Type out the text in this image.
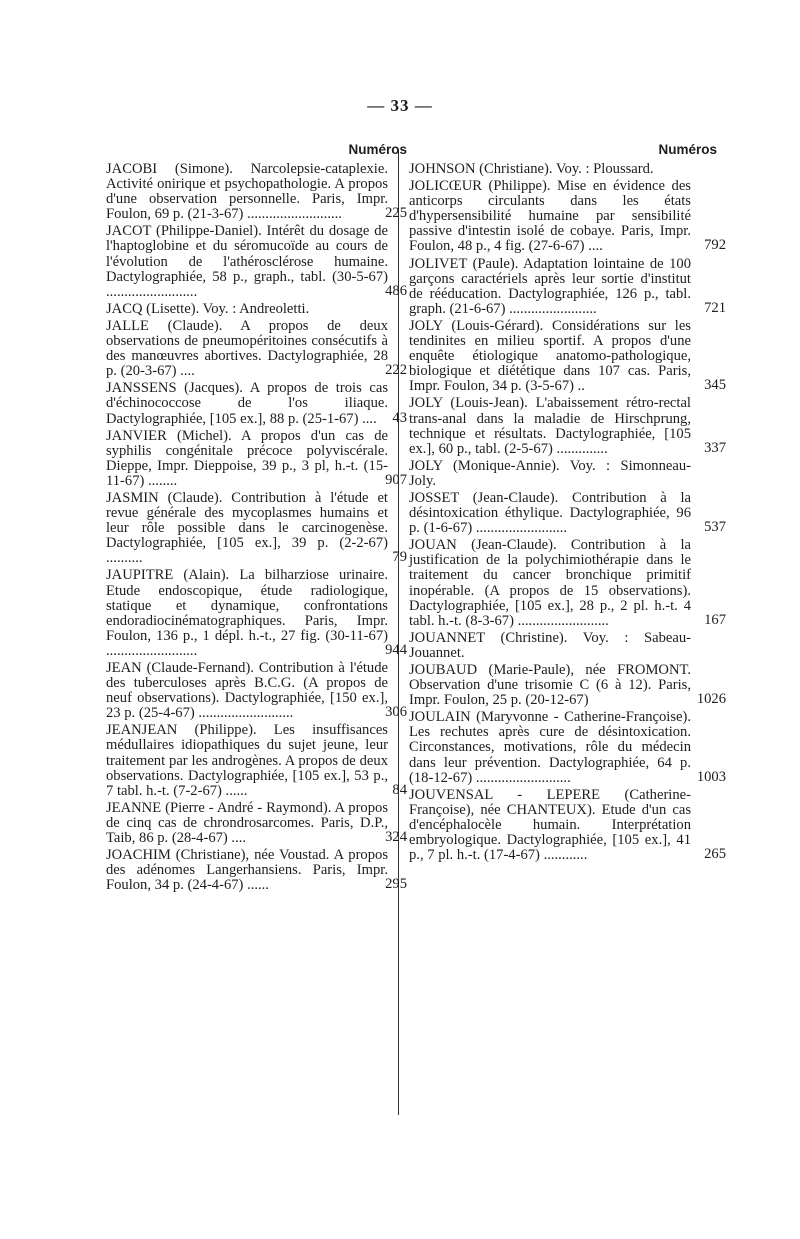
— 33 —
Numéros
JACOBI (Simone). Narcolepsie-cataplexie. Activité onirique et psychopathologie. A propos d'une observation personnelle. Paris, Impr. Foulon, 69 p. (21-3-67) ..........................	225
JACOT (Philippe-Daniel). Intérêt du dosage de l'haptoglobine et du séromucoïde au cours de l'évolution de l'athérosclérose humaine. Dactylographiée, 58 p., graph., tabl. (30-5-67) .........................	486
JACQ (Lisette). Voy. : Andreoletti.
JALLE (Claude). A propos de deux observations de pneumopéritoines consécutifs à des manœuvres abortives. Dactylographiée, 28 p. (20-3-67) ....	222
JANSSENS (Jacques). A propos de trois cas d'échinococcose de l'os iliaque. Dactylographiée, [105 ex.], 88 p. (25-1-67) ....	43
JANVIER (Michel). A propos d'un cas de syphilis congénitale précoce polyviscérale. Dieppe, Impr. Dieppoise, 39 p., 3 pl, h.-t. (15-11-67) ........	907
JASMIN (Claude). Contribution à l'étude et revue générale des mycoplasmes humains et leur rôle possible dans le carcinogenèse. Dactylographiée, [105 ex.], 39 p. (2-2-67) ..........	79
JAUPITRE (Alain). La bilharziose urinaire. Etude endoscopique, étude radiologique, statique et dynamique, confrontations endoradiocinématographiques. Paris, Impr. Foulon, 136 p., 1 dépl. h.-t., 27 fig. (30-11-67) .........................	944
JEAN (Claude-Fernand). Contribution à l'étude des tuberculoses après B.C.G. (A propos de neuf observations). Dactylographiée, [150 ex.], 23 p. (25-4-67) ..........................	306
JEANJEAN (Philippe). Les insuffisances médullaires idiopathiques du sujet jeune, leur traitement par les androgènes. A propos de deux observations. Dactylographiée, [105 ex.], 53 p., 7 tabl. h.-t. (7-2-67) ......	84
JEANNE (Pierre - André - Raymond). A propos de cinq cas de chrondrosarcomes. Paris, D.P., Taib, 86 p. (28-4-67) ....	324
JOACHIM (Christiane), née Voustad. A propos des adénomes Langerhansiens. Paris, Impr. Foulon, 34 p. (24-4-67) ......	295
Numéros
JOHNSON (Christiane). Voy. : Ploussard.
JOLICŒUR (Philippe). Mise en évidence des anticorps circulants dans les états d'hypersensibilité humaine par sensibilité passive d'intestin isolé de cobaye. Paris, Impr. Foulon, 48 p., 4 fig. (27-6-67) ....	792
JOLIVET (Paule). Adaptation lointaine de 100 garçons caractériels après leur sortie d'institut de rééducation. Dactylographiée, 126 p., tabl. graph. (21-6-67) ........................	721
JOLY (Louis-Gérard). Considérations sur les tendinites en milieu sportif. A propos d'une enquête étiologique anatomo-pathologique, biologique et diététique dans 107 cas. Paris, Impr. Foulon, 34 p. (3-5-67) ..	345
JOLY (Louis-Jean). L'abaissement rétro-rectal trans-anal dans la maladie de Hirschprung, technique et résultats. Dactylographiée, [105 ex.], 60 p., tabl. (2-5-67) ..............	337
JOLY (Monique-Annie). Voy. : Simonneau-Joly.
JOSSET (Jean-Claude). Contribution à la désintoxication éthylique. Dactylographiée, 96 p. (1-6-67) .........................	537
JOUAN (Jean-Claude). Contribution à la justification de la polychimiothérapie dans le traitement du cancer bronchique primitif inopérable. (A propos de 15 observations). Dactylographiée, [105 ex.], 28 p., 2 pl. h.-t. 4 tabl. h.-t. (8-3-67) .........................	167
JOUANNET (Christine). Voy. : Sabeau-Jouannet.
JOUBAUD (Marie-Paule), née FROMONT. Observation d'une trisomie C (6 à 12). Paris, Impr. Foulon, 25 p. (20-12-67)	1026
JOULAIN (Maryvonne - Catherine-Françoise). Les rechutes après cure de désintoxication. Circonstances, motivations, rôle du médecin dans leur prévention. Dactylographiée, 64 p. (18-12-67) ..........................	1003
JOUVENSAL - LEPERE (Catherine-Françoise), née CHANTEUX). Etude d'un cas d'encéphalocèle humain. Interprétation embryologique. Dactylographiée, [105 ex.], 41 p., 7 pl. h.-t. (17-4-67) ............	265
